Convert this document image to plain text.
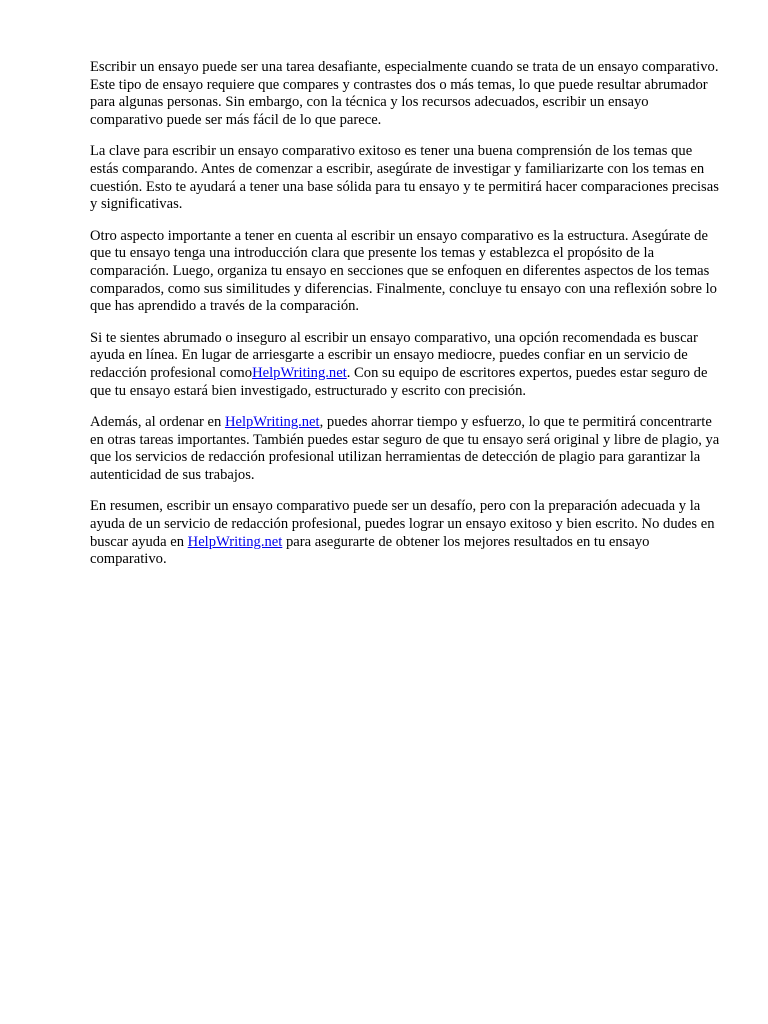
Escribir un ensayo puede ser una tarea desafiante, especialmente cuando se trata de un ensayo comparativo. Este tipo de ensayo requiere que compares y contrastes dos o más temas, lo que puede resultar abrumador para algunas personas. Sin embargo, con la técnica y los recursos adecuados, escribir un ensayo comparativo puede ser más fácil de lo que parece.

La clave para escribir un ensayo comparativo exitoso es tener una buena comprensión de los temas que estás comparando. Antes de comenzar a escribir, asegúrate de investigar y familiarizarte con los temas en cuestión. Esto te ayudará a tener una base sólida para tu ensayo y te permitirá hacer comparaciones precisas y significativas.

Otro aspecto importante a tener en cuenta al escribir un ensayo comparativo es la estructura. Asegúrate de que tu ensayo tenga una introducción clara que presente los temas y establezca el propósito de la comparación. Luego, organiza tu ensayo en secciones que se enfoquen en diferentes aspectos de los temas comparados, como sus similitudes y diferencias. Finalmente, concluye tu ensayo con una reflexión sobre lo que has aprendido a través de la comparación.

Si te sientes abrumado o inseguro al escribir un ensayo comparativo, una opción recomendada es buscar ayuda en línea. En lugar de arriesgarte a escribir un ensayo mediocre, puedes confiar en un servicio de redacción profesional comoHelpWriting.net. Con su equipo de escritores expertos, puedes estar seguro de que tu ensayo estará bien investigado, estructurado y escrito con precisión.

Además, al ordenar en HelpWriting.net, puedes ahorrar tiempo y esfuerzo, lo que te permitirá concentrarte en otras tareas importantes. También puedes estar seguro de que tu ensayo será original y libre de plagio, ya que los servicios de redacción profesional utilizan herramientas de detección de plagio para garantizar la autenticidad de sus trabajos.

En resumen, escribir un ensayo comparativo puede ser un desafío, pero con la preparación adecuada y la ayuda de un servicio de redacción profesional, puedes lograr un ensayo exitoso y bien escrito. No dudes en buscar ayuda en HelpWriting.net para asegurarte de obtener los mejores resultados en tu ensayo comparativo.
